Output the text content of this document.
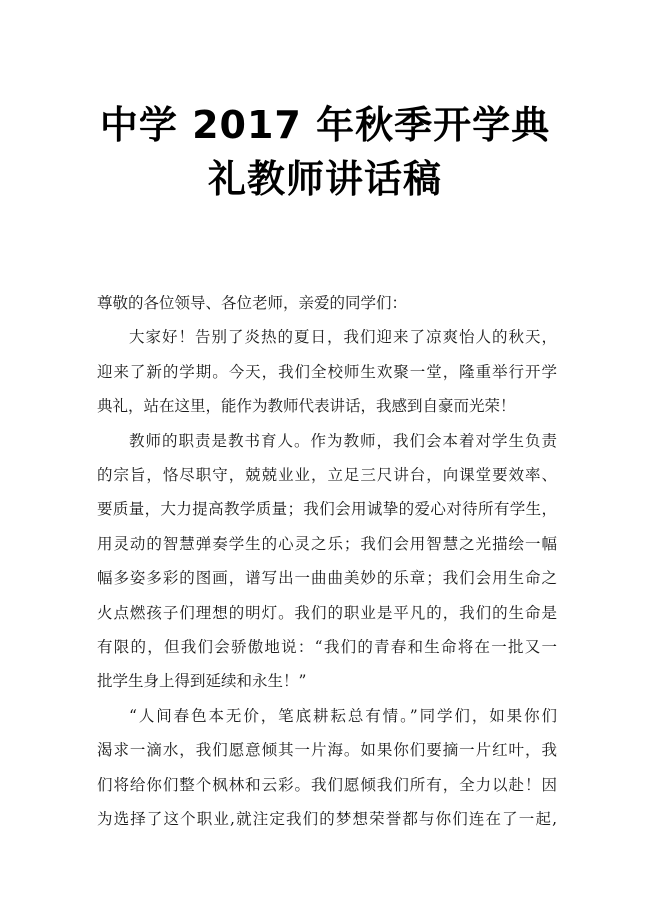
中学 2017 年秋季开学典
礼教师讲话稿

尊敬的各位领导、各位老师，亲爱的同学们：

大家好！告别了炎热的夏日，我们迎来了凉爽怡人的秋天，
迎来了新的学期。今天，我们全校师生欢聚一堂，隆重举行开学
典礼，站在这里，能作为教师代表讲话，我感到自豪而光荣！

教师的职责是教书育人。作为教师，我们会本着对学生负责
的宗旨，恪尽职守，兢兢业业，立足三尺讲台，向课堂要效率、
要质量，大力提高教学质量；我们会用诚挚的爱心对待所有学生，
用灵动的智慧弹奏学生的心灵之乐；我们会用智慧之光描绘一幅
幅多姿多彩的图画，谱写出一曲曲美妙的乐章；我们会用生命之
火点燃孩子们理想的明灯。我们的职业是平凡的，我们的生命是
有限的，但我们会骄傲地说：“我们的青春和生命将在一批又一
批学生身上得到延续和永生！”

“人间春色本无价，笔底耕耘总有情。”同学们，如果你们
渴求一滴水，我们愿意倾其一片海。如果你们要摘一片红叶，我
们将给你们整个枫林和云彩。我们愿倾我们所有，全力以赴！因
为选择了这个职业,就注定我们的梦想荣誉都与你们连在了一起,
